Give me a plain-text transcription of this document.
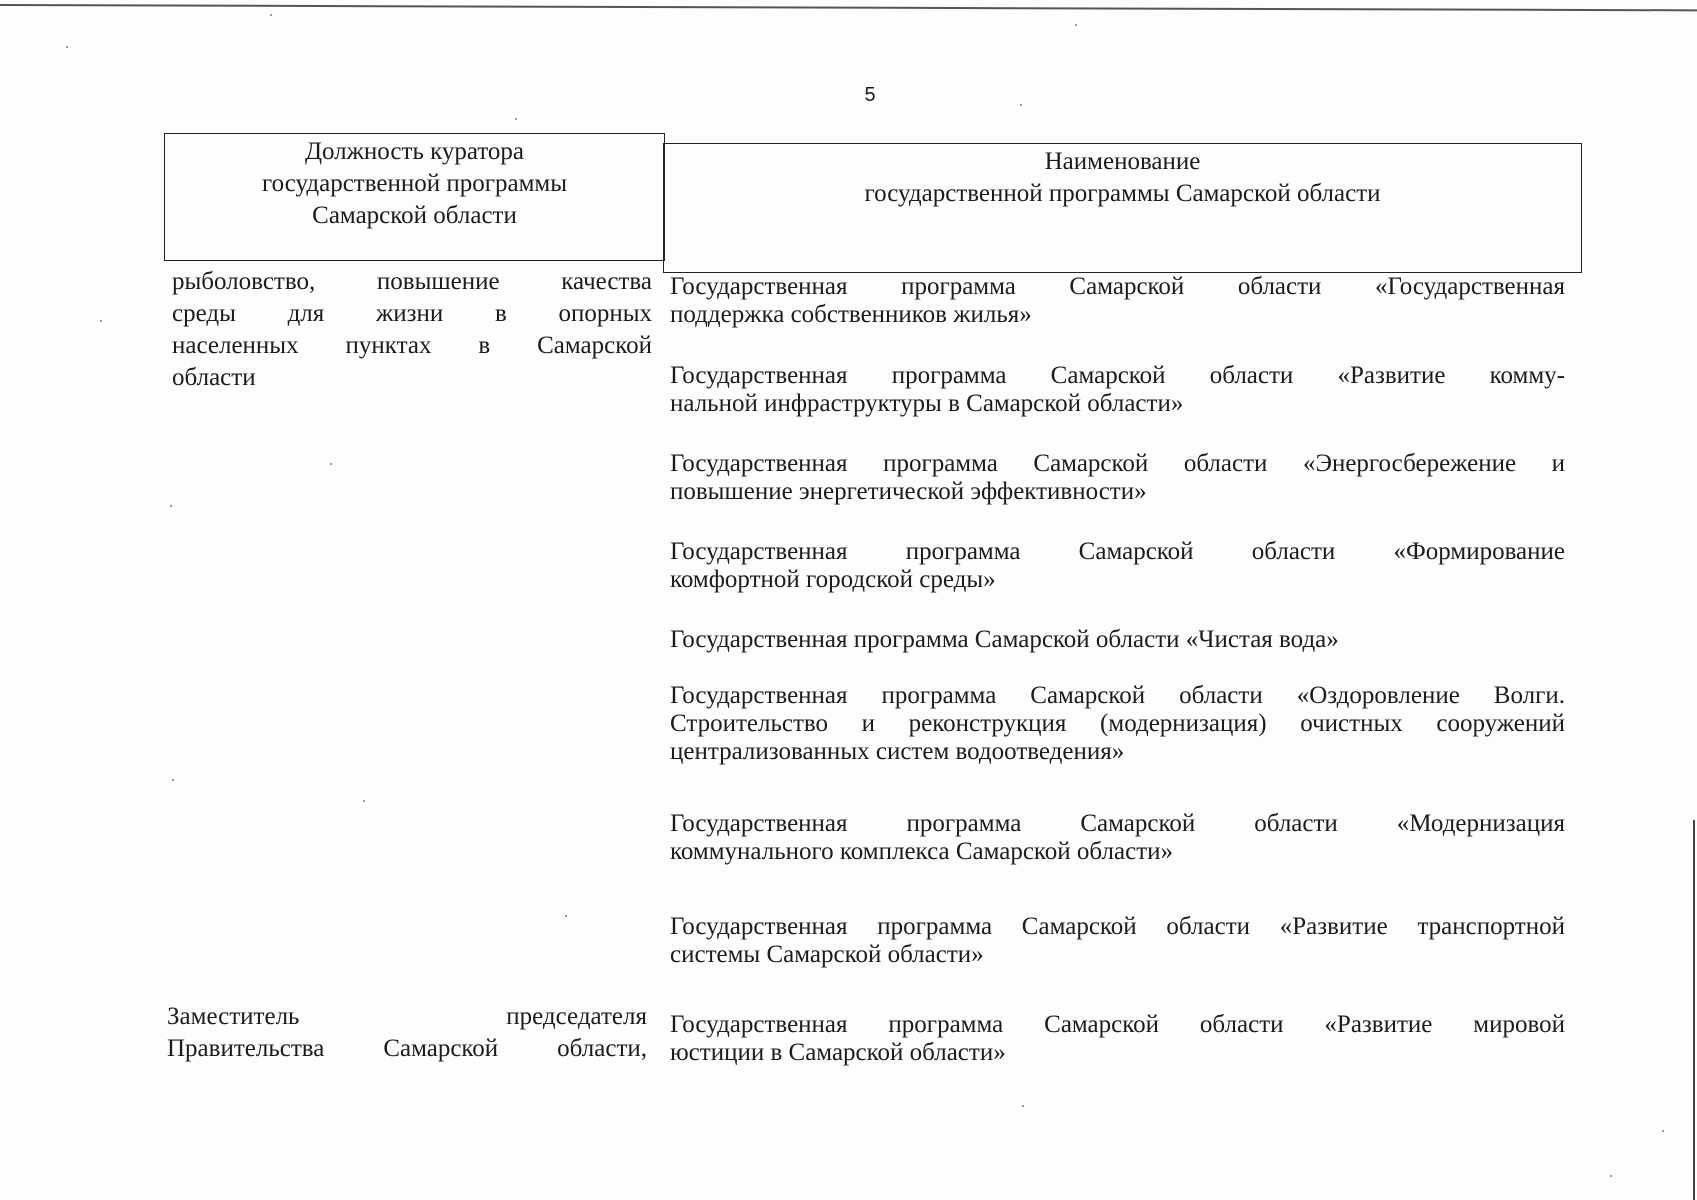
5
Должность куратора
государственной программы
Самарской области
Наименование
государственной программы Самарской области
рыболовство, повышение качества
среды для жизни в опорных
населенных пунктах в Самарской
области
Государственная программа Самарской области «Государственная
поддержка собственников жилья»
Государственная программа Самарской области «Развитие комму-
нальной инфраструктуры в Самарской области»
Государственная программа Самарской области «Энергосбережение и
повышение энергетической эффективности»
Государственная программа Самарской области «Формирование
комфортной городской среды»
Государственная программа Самарской области «Чистая вода»
Государственная программа Самарской области «Оздоровление Волги.
Строительство и реконструкция (модернизация) очистных сооружений
централизованных систем водоотведения»
Государственная программа Самарской области «Модернизация
коммунального комплекса Самарской области»
Государственная программа Самарской области «Развитие транспортной
системы Самарской области»
Заместитель председателя
Правительства Самарской области,
Государственная программа Самарской области «Развитие мировой
юстиции в Самарской области»
